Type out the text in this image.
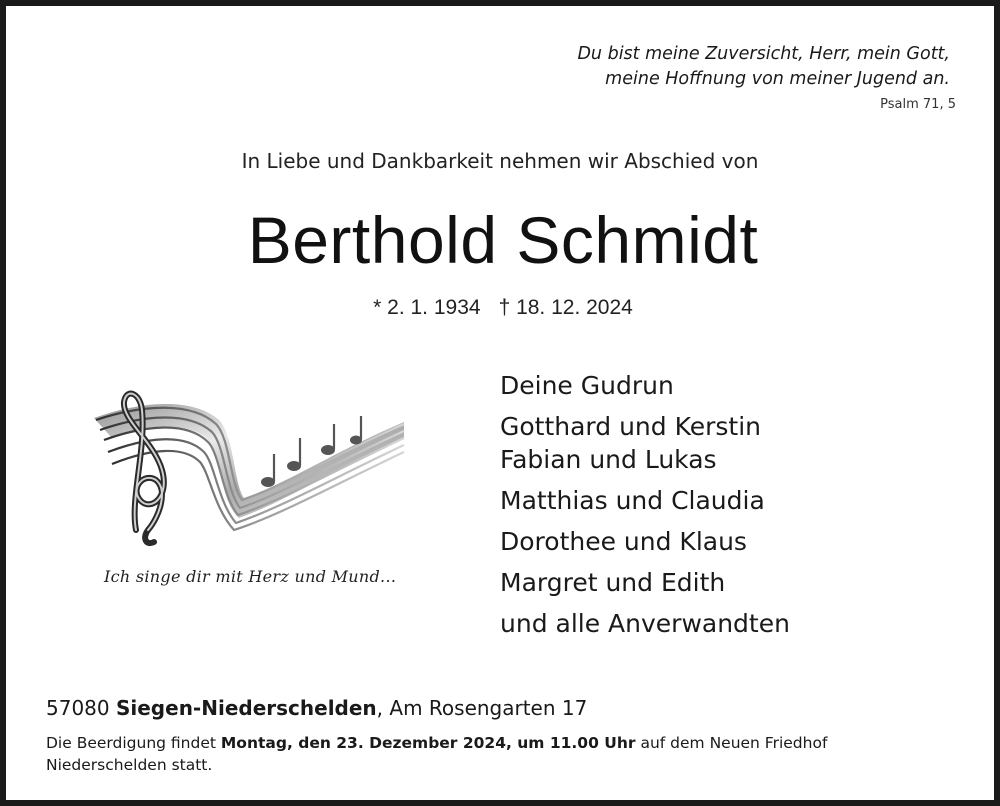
Du bist meine Zuversicht, Herr, mein Gott,
meine Hoffnung von meiner Jugend an.
Psalm 71, 5
In Liebe und Dankbarkeit nehmen wir Abschied von
Berthold Schmidt
* 2. 1. 1934 † 18. 12. 2024
Ich singe dir mit Herz und Mund...
Deine Gudrun
Gotthard und Kerstin
Fabian und Lukas
Matthias und Claudia
Dorothee und Klaus
Margret und Edith
und alle Anverwandten
57080 Siegen-Niederschelden, Am Rosengarten 17
Die Beerdigung findet Montag, den 23. Dezember 2024, um 11.00 Uhr auf dem Neuen Friedhof Niederschelden statt.
